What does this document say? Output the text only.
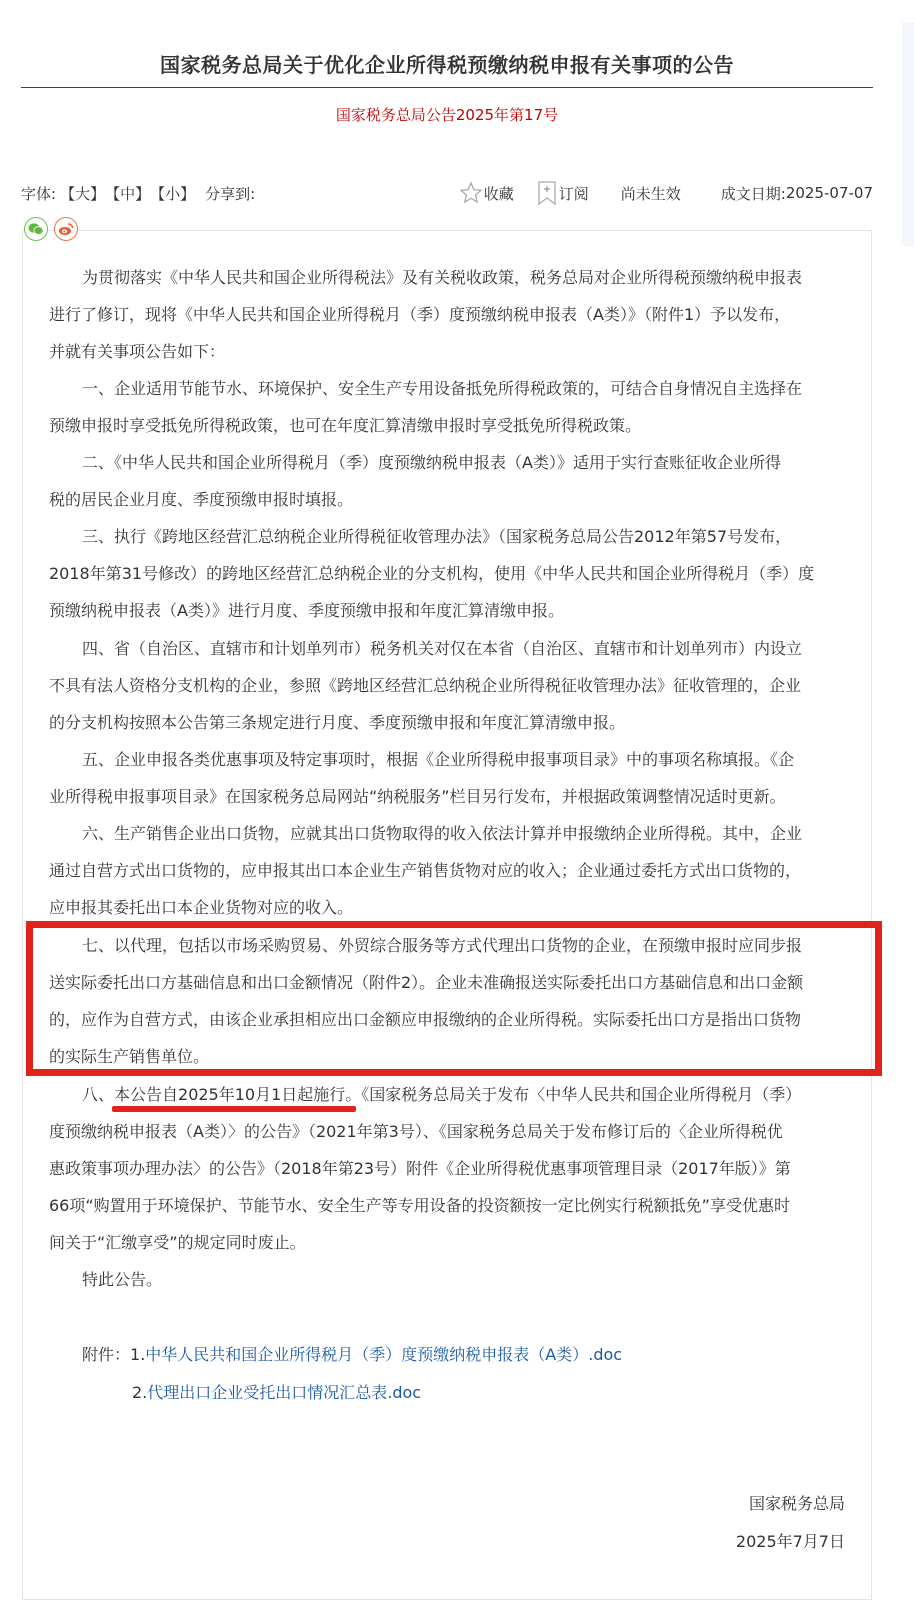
国家税务总局关于优化企业所得税预缴纳税申报有关事项的公告
国家税务总局公告2025年第17号
字体: 【大】 【中】 【小】 分享到:	收藏	订阅 尚未生效	成文日期: 2025-07-07
为贯彻落实《中华人民共和国企业所得税法》及有关税收政策，税务总局对企业所得税预缴纳税申报表
进行了修订，现将《中华人民共和国企业所得税月（季）度预缴纳税申报表（A类）》（附件1）予以发布，
并就有关事项公告如下：
一、企业适用节能节水、环境保护、安全生产专用设备抵免所得税政策的，可结合自身情况自主选择在
预缴申报时享受抵免所得税政策，也可在年度汇算清缴申报时享受抵免所得税政策。
二、《中华人民共和国企业所得税月（季）度预缴纳税申报表（A类）》适用于实行查账征收企业所得
税的居民企业月度、季度预缴申报时填报。
三、执行《跨地区经营汇总纳税企业所得税征收管理办法》（国家税务总局公告2012年第57号发布，
2018年第31号修改）的跨地区经营汇总纳税企业的分支机构，使用《中华人民共和国企业所得税月（季）度
预缴纳税申报表（A类）》进行月度、季度预缴申报和年度汇算清缴申报。
四、省（自治区、直辖市和计划单列市）税务机关对仅在本省（自治区、直辖市和计划单列市）内设立
不具有法人资格分支机构的企业，参照《跨地区经营汇总纳税企业所得税征收管理办法》征收管理的，企业
的分支机构按照本公告第三条规定进行月度、季度预缴申报和年度汇算清缴申报。
五、企业申报各类优惠事项及特定事项时，根据《企业所得税申报事项目录》中的事项名称填报。《企
业所得税申报事项目录》在国家税务总局网站“纳税服务”栏目另行发布，并根据政策调整情况适时更新。
六、生产销售企业出口货物，应就其出口货物取得的收入依法计算并申报缴纳企业所得税。其中，企业
通过自营方式出口货物的，应申报其出口本企业生产销售货物对应的收入；企业通过委托方式出口货物的，
应申报其委托出口本企业货物对应的收入。
七、以代理，包括以市场采购贸易、外贸综合服务等方式代理出口货物的企业，在预缴申报时应同步报
送实际委托出口方基础信息和出口金额情况（附件2）。企业未准确报送实际委托出口方基础信息和出口金额
的，应作为自营方式，由该企业承担相应出口金额应申报缴纳的企业所得税。实际委托出口方是指出口货物
的实际生产销售单位。
八、本公告自2025年10月1日起施行。《国家税务总局关于发布〈中华人民共和国企业所得税月（季）
度预缴纳税申报表（A类）〉的公告》（2021年第3号）、《国家税务总局关于发布修订后的〈企业所得税优
惠政策事项办理办法〉的公告》（2018年第23号）附件《企业所得税优惠事项管理目录（2017年版）》第
66项“购置用于环境保护、节能节水、安全生产等专用设备的投资额按一定比例实行税额抵免”享受优惠时
间关于“汇缴享受”的规定同时废止。
特此公告。
附件：1.中华人民共和国企业所得税月（季）度预缴纳税申报表（A类）.doc
2.代理出口企业受托出口情况汇总表.doc
国家税务总局
2025年7月7日
